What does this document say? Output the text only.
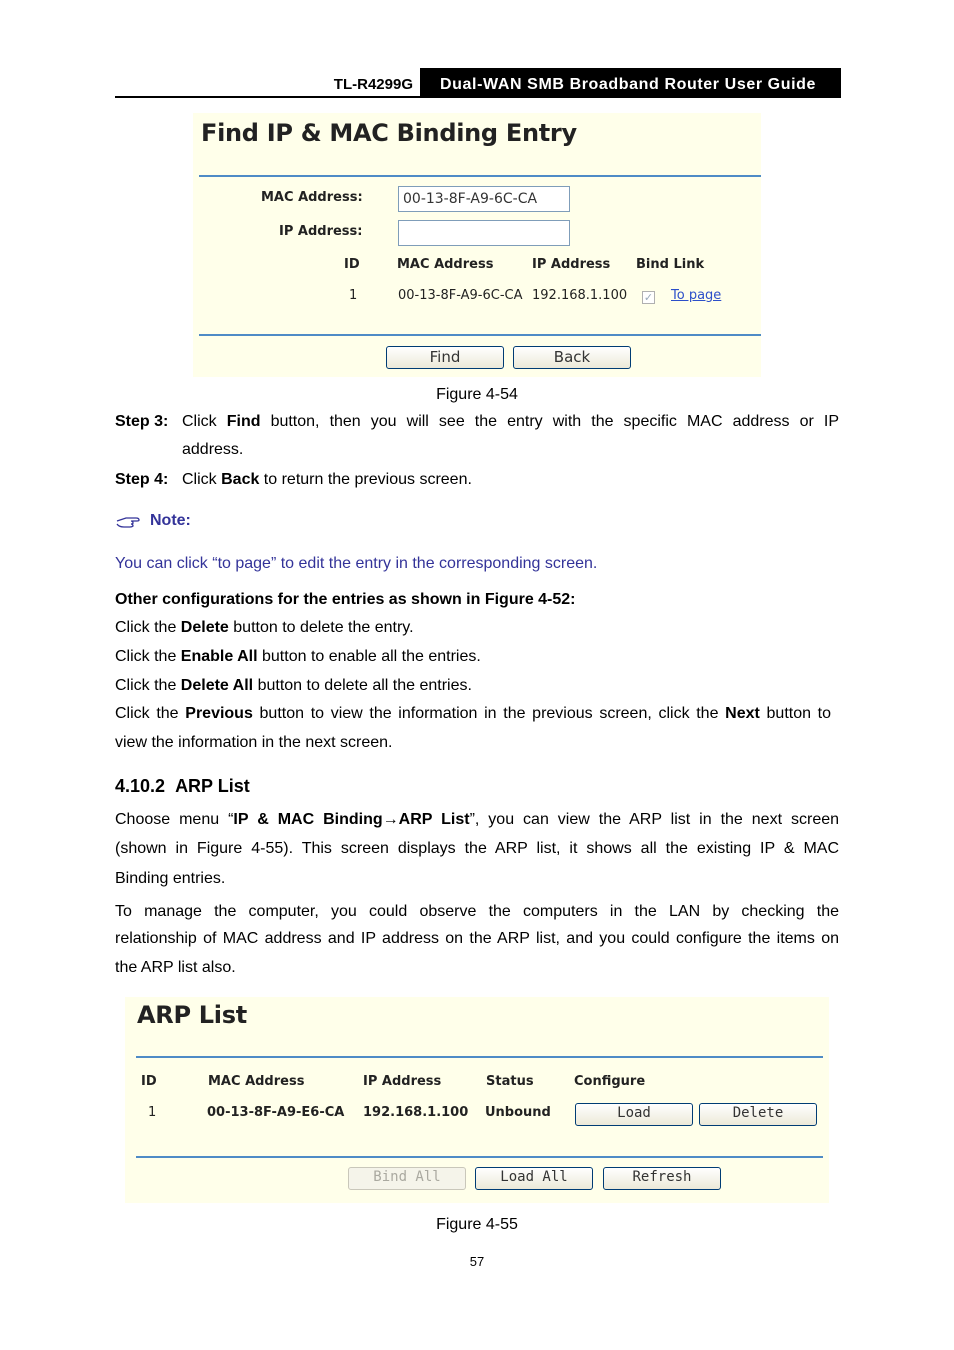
TL-R4299G	Dual-WAN SMB Broadband Router User Guide
Find IP & MAC Binding Entry
MAC Address:	00-13-8F-A9-6C-CA
IP Address:
ID	MAC Address	IP Address Bind Link
1	00-13-8F-A9-6C-CA 192.168.1.100 ✓ To page
Find	Back
Figure 4-54
Step 3: Click Find button, then you will see the entry with the specific MAC address or IP
address.
Step 4: Click Back to return the previous screen.
Note:
You can click “to page” to edit the entry in the corresponding screen.
Other configurations for the entries as shown in Figure 4-52:
Click the Delete button to delete the entry.
Click the Enable All button to enable all the entries.
Click the Delete All button to delete all the entries.
Click the Previous button to view the information in the previous screen, click the Next button to
view the information in the next screen.
4.10.2 ARP List
Choose menu “IP & MAC Binding→ARP List”, you can view the ARP list in the next screen
(shown in Figure 4-55). This screen displays the ARP list, it shows all the existing IP & MAC
Binding entries.
To manage the computer, you could observe the computers in the LAN by checking the
relationship of MAC address and IP address on the ARP list, and you could configure the items on
the ARP list also.
ARP List
ID	MAC Address	IP Address	Status	Configure
1	00-13-8F-A9-E6-CA 192.168.1.100 Unbound	Load	Delete
Bind All	Load All	Refresh
Figure 4-55
57
